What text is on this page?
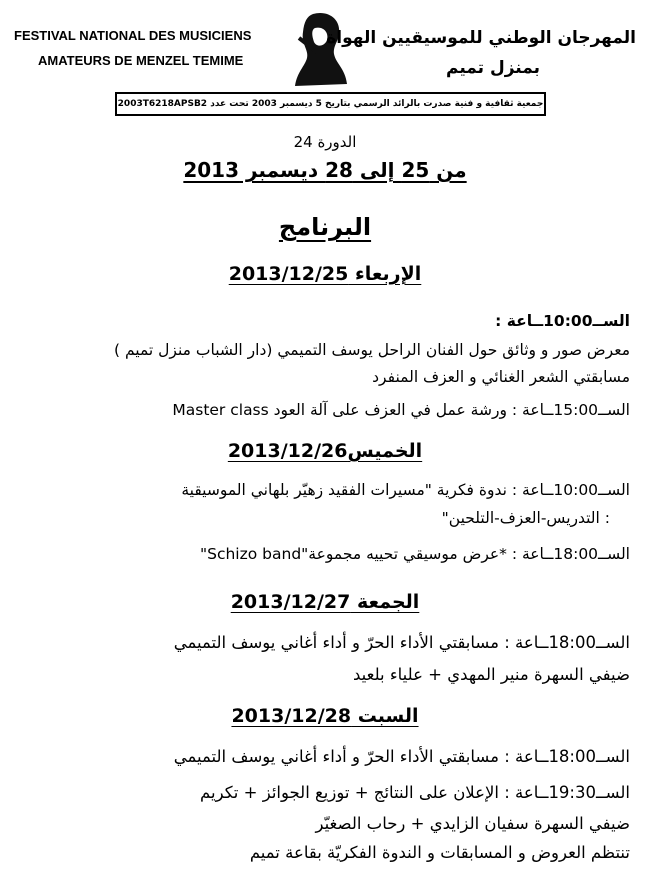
FESTIVAL NATIONAL DES MUSICIENS
AMATEURS DE MENZEL TEMIME
المهرجان الوطني للموسيقيين الهواة
بمنزل تميم
جمعية ثقافية و فنية صدرت بالرائد الرسمي بتاريخ 5 ديسمبر 2003 تحت عدد 2003T6218APSB2
الدورة 24
من 25 إلى 28 ديسمبر 2013
البرنامج
الإربعاء 2013/12/25
الســ10:00ــاعة :
معرض صور و وثائق حول الفنان الراحل يوسف التميمي (دار الشباب منزل تميم )
مسابقتي الشعر الغنائي و العزف المنفرد
الســ15:00ــاعة : ورشة عمل في العزف على آلة العود Master class
الخميس2013/12/26
الســ10:00ــاعة : ندوة فكرية "مسيرات الفقيد زهيّر بلهاني الموسيقية
: التدريس-العزف-التلحين"
الســ18:00ــاعة : *عرض موسيقي تحييه مجموعة"Schizo band"
الجمعة 2013/12/27
الســ18:00ــاعة : مسابقتي الأداء الحرّ و أداء أغاني يوسف التميمي
ضيفي السهرة منير المهدي + علياء بلعيد
السبت 2013/12/28
الســ18:00ــاعة : مسابقتي الأداء الحرّ و أداء أغاني يوسف التميمي
الســ19:30ــاعة : الإعلان على النتائج + توزيع الجوائز + تكريم
ضيفي السهرة سفيان الزايدي + رحاب الصغيّر
تنتظم العروض و المسابقات و الندوة الفكريّة بقاعة تميم
